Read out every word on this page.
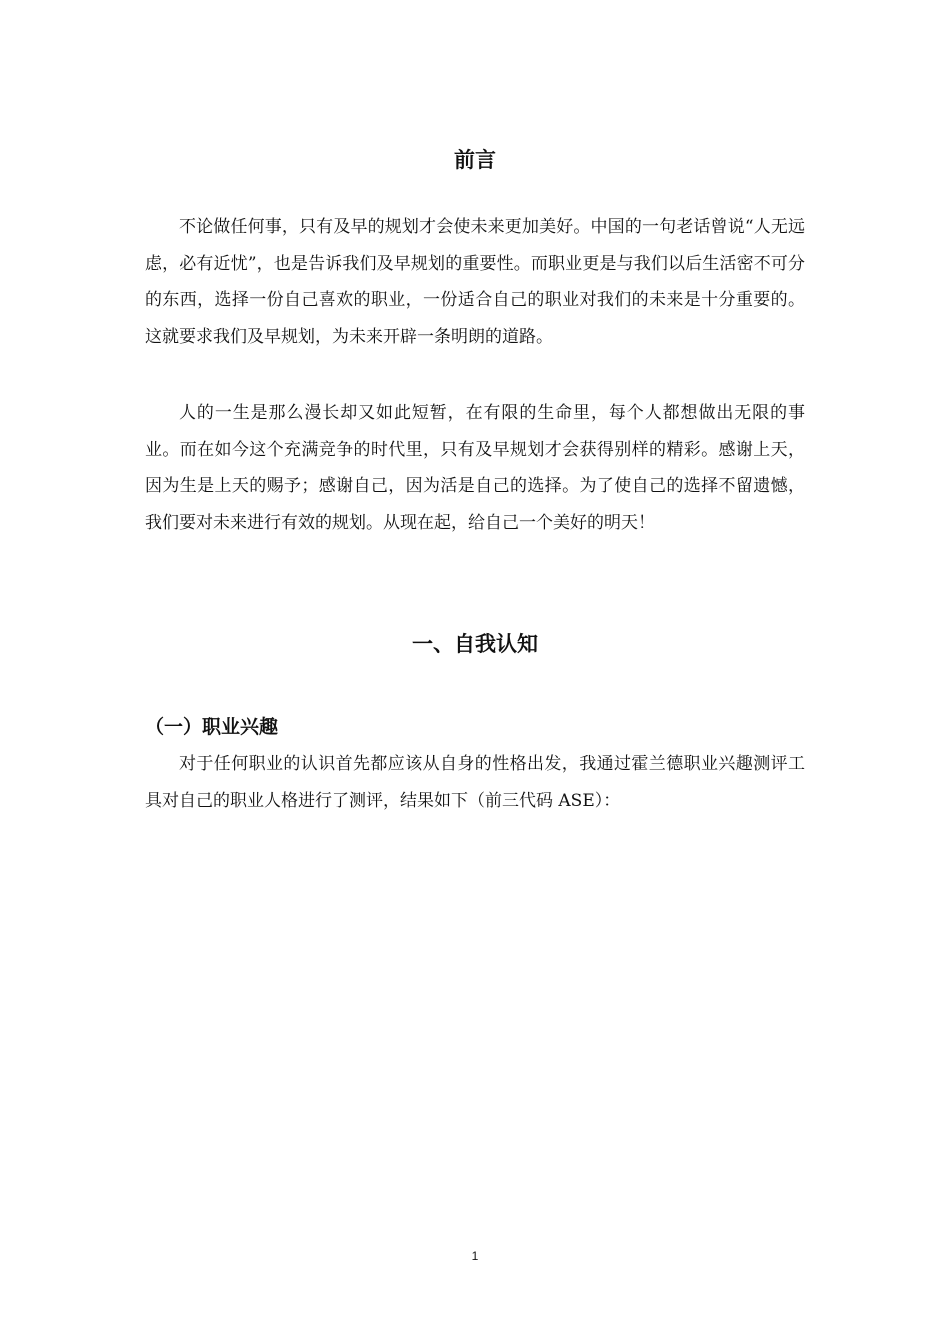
前言

不论做任何事，只有及早的规划才会使未来更加美好。中国的一句老话曾说“人无远虑，必有近忧”，也是告诉我们及早规划的重要性。而职业更是与我们以后生活密不可分的东西，选择一份自己喜欢的职业，一份适合自己的职业对我们的未来是十分重要的。这就要求我们及早规划，为未来开辟一条明朗的道路。

人的一生是那么漫长却又如此短暂，在有限的生命里，每个人都想做出无限的事业。而在如今这个充满竞争的时代里，只有及早规划才会获得别样的精彩。感谢上天，因为生是上天的赐予；感谢自己，因为活是自己的选择。为了使自己的选择不留遗憾，我们要对未来进行有效的规划。从现在起，给自己一个美好的明天！

一、自我认知
（一）职业兴趣

对于任何职业的认识首先都应该从自身的性格出发，我通过霍兰德职业兴趣测评工具对自己的职业人格进行了测评，结果如下（前三代码 ASE）：

1
